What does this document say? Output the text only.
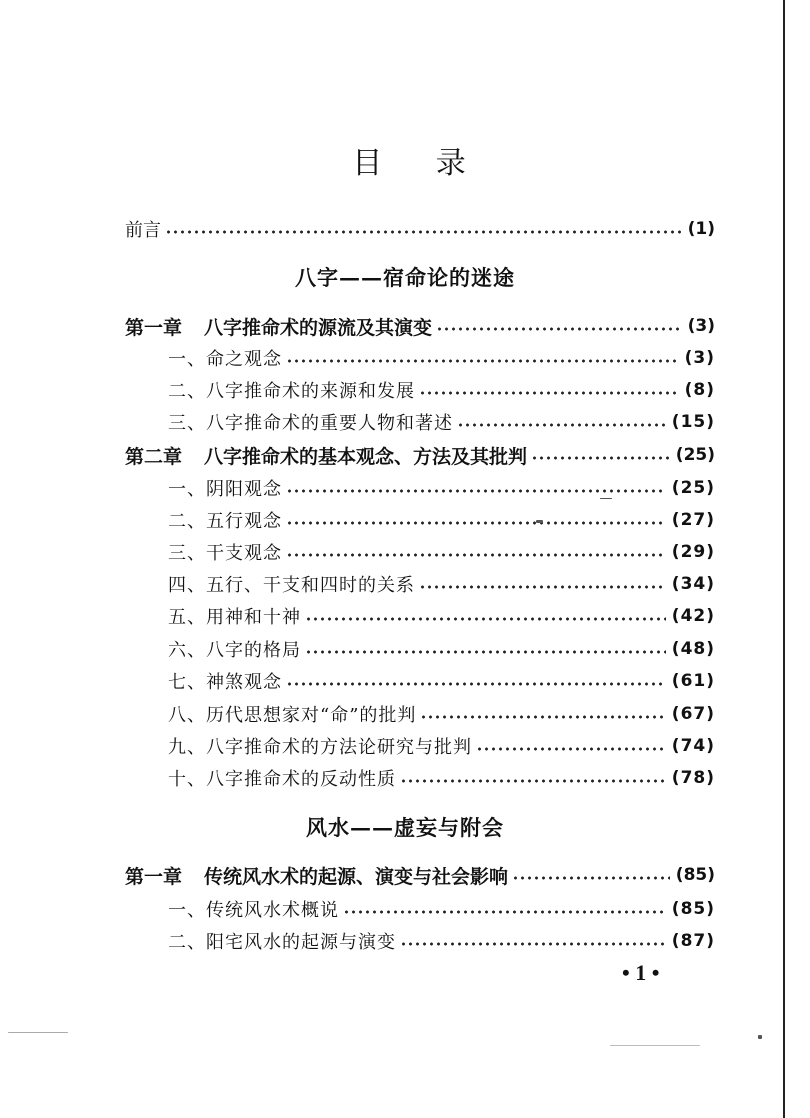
目 录
前言	(1)
八字——宿命论的迷途
第一章 八字推命术的源流及其演变	(3)
一、命之观念	(3)
二、八字推命术的来源和发展	(8)
三、八字推命术的重要人物和著述	(15)
第二章 八字推命术的基本观念、方法及其批判	(25)
一、阴阳观念	(25)
二、五行观念	(27)
三、干支观念	(29)
四、五行、干支和四时的关系	(34)
五、用神和十神	(42)
六、八字的格局	(48)
七、神煞观念	(61)
八、历代思想家对“命”的批判	(67)
九、八字推命术的方法论研究与批判	(74)
十、八字推命术的反动性质	(78)
风水——虚妄与附会
第一章 传统风水术的起源、演变与社会影响	(85)
一、传统风水术概说	(85)
二、阳宅风水的起源与演变	(87)
• 1 •
